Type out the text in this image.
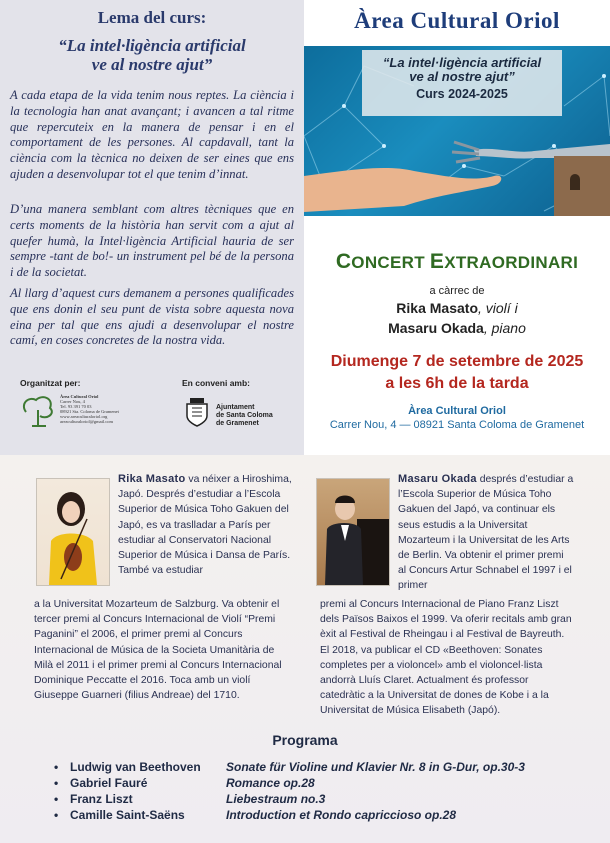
Lema del curs:
“La intel·ligència artificial
ve al nostre ajut”

A cada etapa de la vida tenim nous reptes. La ciència i la tecnologia han anat avançant; i avancen a tal ritme que repercuteix en la manera de pensar i en el comportament de les persones. Al capdavall, tant la ciència com la tècnica no deixen de ser eines que ens ajuden a desenvolupar tot el que tenim d’innat.

D’una manera semblant com altres tècniques que en certs moments de la història han servit com a ajut al quefer humà, la Intel·ligència Artificial hauria de ser sempre -tant de bo!- un instrument pel bé de la persona i de la societat.

Al llarg d’aquest curs demanem a persones qualificades que ens donin el seu punt de vista sobre aquesta nova eina per tal que ens ajudi a desenvolupar el nostre camí, en coses concretes de la nostra vida.

Organitzat per:
Àrea Cultural Oriol
Carrer Nou, 4
Tel. 93 391 70 03
08921 Sta. Coloma de Gramenet
www.areaculturaloriol.org
areaculturaloriol@gmail.com
En conveni amb:
Ajuntament
de Santa Coloma
de Gramenet
Àrea Cultural Oriol
“La intel·ligència artificial
ve al nostre ajut”
Curs 2024-2025
CONCERT EXTRAORDINARI
a càrrec de
Rika Masato, violí i
Masaru Okada, piano
Diumenge 7 de setembre de 2025
a les 6h de la tarda
Àrea Cultural Oriol
Carrer Nou, 4 — 08921 Santa Coloma de Gramenet
Rika Masato va néixer a Hiroshima, Japó. Després d’estudiar a l’Escola Superior de Música Toho Gakuen del Japó, es va traslladar a París per estudiar al Conservatori Nacional Superior de Música i Dansa de París. També va estudiar
a la Universitat Mozarteum de Salzburg. Va obtenir el tercer premi al Concurs Internacional de Violí “Premi Paganini” el 2006, el primer premi al Concurs Internacional de Música de la Societa Umanitària de Milà el 2011 i el primer premi al Concurs Internacional Dominique Peccatte el 2016. Toca amb un violí Giuseppe Guarneri (filius Andreae) del 1710.
Masaru Okada després d’estudiar a l’Escola Superior de Música Toho Gakuen del Japó, va continuar els seus estudis a la Universitat Mozarteum i la Universitat de les Arts de Berlin. Va obtenir el primer premi al Concurs Artur Schnabel el 1997 i el primer
premi al Concurs Internacional de Piano Franz Liszt dels Països Baixos el 1999. Va oferir recitals amb gran èxit al Festival de Rheingau i al Festival de Bayreuth. El 2018, va publicar el CD «Beethoven: Sonates completes per a violoncel» amb el violoncel·lista andorrà Lluís Claret. Actualment és professor catedràtic a la Universitat de dones de Kobe i a la Universitat de Música Elisabeth (Japó).
Programa
• Ludwig van Beethoven Sonate für Violine und Klavier Nr. 8 in G-Dur, op.30-3
• Gabriel Fauré	Romance op.28
• Franz Liszt	Liebestraum no.3
• Camille Saint-Saëns	Introduction et Rondo capriccioso op.28
